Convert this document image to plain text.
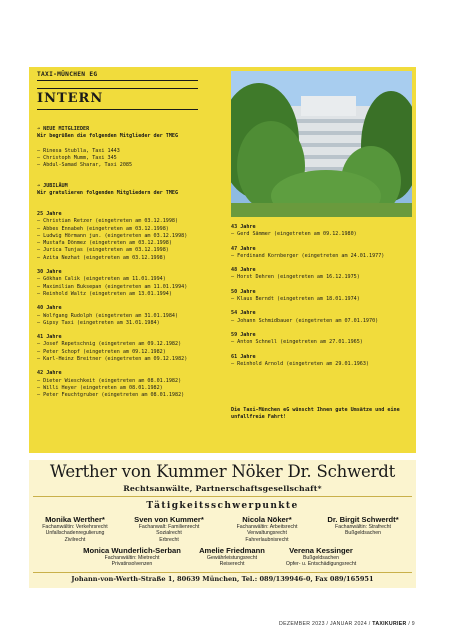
TAXI-MÜNCHEN EG
INTERN
➔ NEUE MITGLIEDER
Wir begrüßen die folgenden Mitglieder der TMEG
– Rinesa Stublla, Taxi 1443
– Christoph Mumm, Taxi 345
– Abdul-Samad Sharar, Taxi 2085
➔ JUBILÄUM
Wir gratulieren folgenden Mitgliedern der TMEG
25 Jahre
– Christian Retzer (eingetreten am 03.12.1998)
– Abbes Ennabeh (eingetreten am 03.12.1998)
– Ludwig Hörmann jun. (eingetreten am 03.12.1998)
– Mustafa Dönmez (eingetreten am 03.12.1998)
– Jurica Tunjas (eingetreten am 03.12.1998)
– Azita Nezhat (eingetreten am 03.12.1998)
30 Jahre
– Gökhan Calik (eingetreten am 11.01.1994)
– Maximilian Buksepan (eingetreten am 11.01.1994)
– Reinhold Waltz (eingetreten am 13.01.1994)
40 Jahre
– Wolfgang Rudolph (eingetreten am 31.01.1984)
– Gipsy Taxi (eingetreten am 31.01.1984)
41 Jahre
– Josef Repetschnig (eingetreten am 09.12.1982)
– Peter Schopf (eingetreten am 09.12.1982)
– Karl-Heinz Breitner (eingetreten am 09.12.1982)
42 Jahre
– Dieter Wieschkeit (eingetreten am 08.01.1982)
– Willi Heyer (eingetreten am 08.01.1982)
– Peter Feuchtgruber (eingetreten am 08.01.1982)
43 Jahre
– Gerd Sämmer (eingetreten am 09.12.1980)
47 Jahre
– Ferdinand Kornberger (eingetreten am 24.01.1977)
48 Jahre
– Horst Dehren (eingetreten am 16.12.1975)
50 Jahre
– Klaus Berndt (eingetreten am 18.01.1974)
54 Jahre
– Johann Schmidbauer (eingetreten am 07.01.1970)
59 Jahre
– Anton Schnell (eingetreten am 27.01.1965)
61 Jahre
– Reinhold Arnold (eingetreten am 29.01.1963)
Die Taxi-München eG wünscht Ihnen gute Umsätze und eine unfallfreie Fahrt!
Werther von Kummer Nöker Dr. Schwerdt
Rechtsanwälte, Partnerschaftsgesellschaft*
Tätigkeitsschwerpunkte
Monika Werther*
Fachanwältin: Verkehrsrecht
Unfallschadenregulierung
Zivilrecht
Sven von Kummer*
Fachanwalt: Familienrecht
Sozialrecht
Erbrecht
Nicola Nöker*
Fachanwältin: Arbeitsrecht
Verwaltungsrecht
Fahrerlaubnisrecht
Dr. Birgit Schwerdt*
Fachanwältin: Strafrecht
Bußgeldsachen
Monica Wunderlich-Serban
Fachanwältin: Mietrecht
Privatinsolvenzen
Amelie Friedmann
Gewährleistungsrecht
Reiserecht
Verena Kessinger
Bußgeldsachen
Opfer- u. Entschädigungsrecht
Johann-von-Werth-Straße 1, 80639 München, Tel.: 089/139946-0, Fax 089/165951
DEZEMBER 2023 / JANUAR 2024 / TAXIKURIER / 9
